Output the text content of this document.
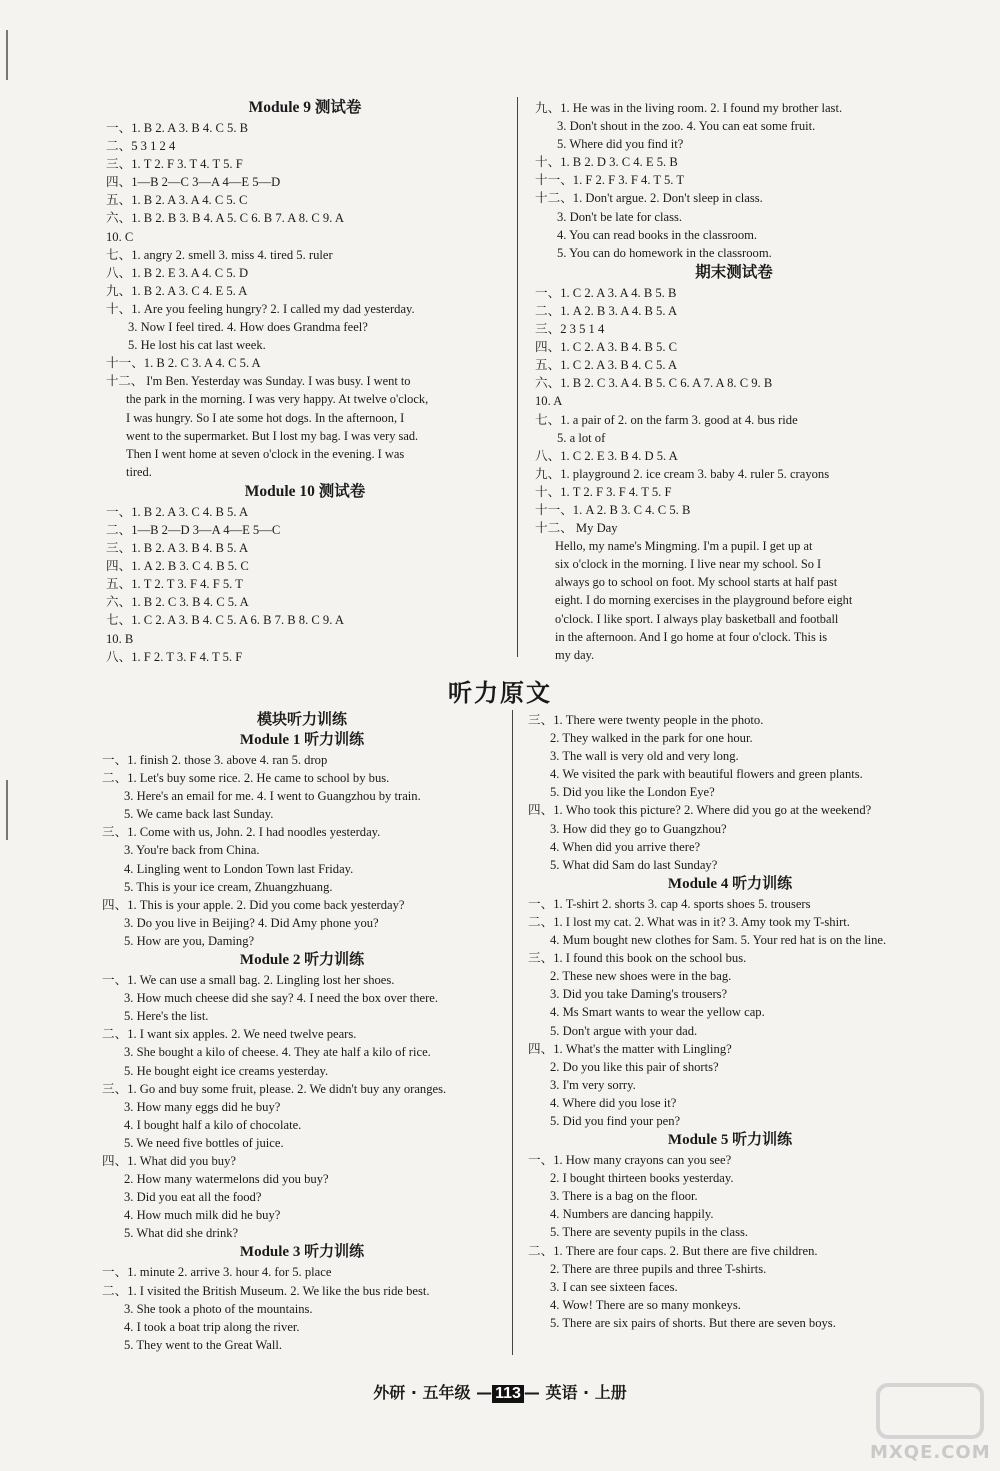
Module 9 测试卷
一、1. B 2. A 3. B 4. C 5. B
二、5 3 1 2 4
三、1. T 2. F 3. T 4. T 5. F
四、1—B 2—C 3—A 4—E 5—D
五、1. B 2. A 3. A 4. C 5. C
六、1. B 2. B 3. B 4. A 5. C 6. B 7. A 8. C 9. A
10. C
七、1. angry 2. smell 3. miss 4. tired 5. ruler
八、1. B 2. E 3. A 4. C 5. D
九、1. B 2. A 3. C 4. E 5. A
十、1. Are you feeling hungry? 2. I called my dad yesterday.
3. Now I feel tired. 4. How does Grandma feel?
5. He lost his cat last week.
十一、1. B 2. C 3. A 4. C 5. A
十二、 I'm Ben. Yesterday was Sunday. I was busy. I went to
the park in the morning. I was very happy. At twelve o'clock,
I was hungry. So I ate some hot dogs. In the afternoon, I
went to the supermarket. But I lost my bag. I was very sad.
Then I went home at seven o'clock in the evening. I was
tired.
Module 10 测试卷
一、1. B 2. A 3. C 4. B 5. A
二、1—B 2—D 3—A 4—E 5—C
三、1. B 2. A 3. B 4. B 5. A
四、1. A 2. B 3. C 4. B 5. C
五、1. T 2. T 3. F 4. F 5. T
六、1. B 2. C 3. B 4. C 5. A
七、1. C 2. A 3. B 4. C 5. A 6. B 7. B 8. C 9. A
10. B
八、1. F 2. T 3. F 4. T 5. F
九、1. He was in the living room. 2. I found my brother last.
3. Don't shout in the zoo. 4. You can eat some fruit.
5. Where did you find it?
十、1. B 2. D 3. C 4. E 5. B
十一、1. F 2. F 3. F 4. T 5. T
十二、1. Don't argue. 2. Don't sleep in class.
3. Don't be late for class.
4. You can read books in the classroom.
5. You can do homework in the classroom.
期末测试卷
一、1. C 2. A 3. A 4. B 5. B
二、1. A 2. B 3. A 4. B 5. A
三、2 3 5 1 4
四、1. C 2. A 3. B 4. B 5. C
五、1. C 2. A 3. B 4. C 5. A
六、1. B 2. C 3. A 4. B 5. C 6. A 7. A 8. C 9. B
10. A
七、1. a pair of 2. on the farm 3. good at 4. bus ride
5. a lot of
八、1. C 2. E 3. B 4. D 5. A
九、1. playground 2. ice cream 3. baby 4. ruler 5. crayons
十、1. T 2. F 3. F 4. T 5. F
十一、1. A 2. B 3. C 4. C 5. B
十二、 My Day
Hello, my name's Mingming. I'm a pupil. I get up at
six o'clock in the morning. I live near my school. So I
always go to school on foot. My school starts at half past
eight. I do morning exercises in the playground before eight
o'clock. I like sport. I always play basketball and football
in the afternoon. And I go home at four o'clock. This is
my day.
听力原文
模块听力训练
Module 1 听力训练
一、1. finish 2. those 3. above 4. ran 5. drop
二、1. Let's buy some rice. 2. He came to school by bus.
3. Here's an email for me. 4. I went to Guangzhou by train.
5. We came back last Sunday.
三、1. Come with us, John. 2. I had noodles yesterday.
3. You're back from China.
4. Lingling went to London Town last Friday.
5. This is your ice cream, Zhuangzhuang.
四、1. This is your apple. 2. Did you come back yesterday?
3. Do you live in Beijing? 4. Did Amy phone you?
5. How are you, Daming?
Module 2 听力训练
一、1. We can use a small bag. 2. Lingling lost her shoes.
3. How much cheese did she say? 4. I need the box over there.
5. Here's the list.
二、1. I want six apples. 2. We need twelve pears.
3. She bought a kilo of cheese. 4. They ate half a kilo of rice.
5. He bought eight ice creams yesterday.
三、1. Go and buy some fruit, please. 2. We didn't buy any oranges.
3. How many eggs did he buy?
4. I bought half a kilo of chocolate.
5. We need five bottles of juice.
四、1. What did you buy?
2. How many watermelons did you buy?
3. Did you eat all the food?
4. How much milk did he buy?
5. What did she drink?
Module 3 听力训练
一、1. minute 2. arrive 3. hour 4. for 5. place
二、1. I visited the British Museum. 2. We like the bus ride best.
3. She took a photo of the mountains.
4. I took a boat trip along the river.
5. They went to the Great Wall.
三、1. There were twenty people in the photo.
2. They walked in the park for one hour.
3. The wall is very old and very long.
4. We visited the park with beautiful flowers and green plants.
5. Did you like the London Eye?
四、1. Who took this picture? 2. Where did you go at the weekend?
3. How did they go to Guangzhou?
4. When did you arrive there?
5. What did Sam do last Sunday?
Module 4 听力训练
一、1. T-shirt 2. shorts 3. cap 4. sports shoes 5. trousers
二、1. I lost my cat. 2. What was in it? 3. Amy took my T-shirt.
4. Mum bought new clothes for Sam. 5. Your red hat is on the line.
三、1. I found this book on the school bus.
2. These new shoes were in the bag.
3. Did you take Daming's trousers?
4. Ms Smart wants to wear the yellow cap.
5. Don't argue with your dad.
四、1. What's the matter with Lingling?
2. Do you like this pair of shorts?
3. I'm very sorry.
4. Where did you lose it?
5. Did you find your pen?
Module 5 听力训练
一、1. How many crayons can you see?
2. I bought thirteen books yesterday.
3. There is a bag on the floor.
4. Numbers are dancing happily.
5. There are seventy pupils in the class.
二、1. There are four caps. 2. But there are five children.
2. There are three pupils and three T-shirts.
3. I can see sixteen faces.
4. Wow! There are so many monkeys.
5. There are six pairs of shorts. But there are seven boys.
外研 · 五年级 — 113 — 英语 · 上册
MXQE.COM
